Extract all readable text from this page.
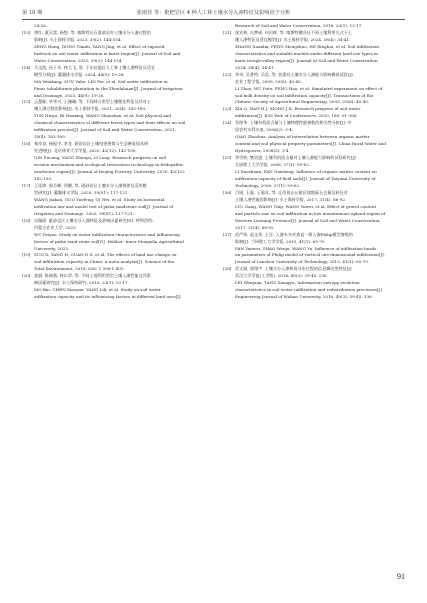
第 10 期	张雨佳 等：枇杷岩区 4 种人工林土壤水分入渗特征及影响因子分析
24-26.
[13] 唐红, 董天富, 杨想, 等. 喀斯特区石漠基岩对土壤水分入渗过程的
影响[J]. 水土保持学报, 2023, 39(2): 144-154.
ZENG Hong, DONG Tianfu, YANG Jing, et al. Effect of exposed
bedrock on soil water infiltration in karst region[J]. Journal of Soil and
Water Conservation, 2023, 39(2): 144-154.
[14] 马文凯, 孙子卉, 林大飞, 等. 于年拉地区人工林土壤入渗特征及适宜
模型分析[J]. 灌溉排水学报, 2024, 44(9): 19-26.
MA Wenkang, SUN Yuhe, LIN Fei, et al. Soil water infiltration in
Pinus tabuliformis plantation in the Zhenlahuan[J]. Journal of Irrigation
and Drainage, 2025, 44(9): 19-26.
[15] 云慧栋, 毕华兴, 王珊珊, 等. 不同林分类型土壤理化特征及其对土
壤入渗过程的影响[J]. 水土保持学报, 2021, 35(4): 183-189.
YUN Huiya, BI Huaxing, WANG Shanshan, et al. Soil physical and
chemical characteristics of different forest types and their effects on soil
infiltration process[J]. Journal of Soil and Water Conservation, 2021,
35(4): 183-189.
[16] 秦泉良, 杨振宇, 李龙. 砒砂岩区土壤侵蚀规律与生态修复技术研
究进展[J]. 北京林业大学学报, 2020, 42(12): 142-150.
QIN Fucang, YANG Zhenyu, LI Long. Research progress on soil
erosion mechanism and ecological restoration technology in feldspathic
sandstone region[J]. Journal of Beijing Forestry University, 2020, 42(12):
142-150.
[17] 王佳坤, 郭月峰, 祁腾, 等. 砒砂岩区土壤水分入渗规律及适用模
型研究[J]. 灌溉排水学报, 2020, 39(S1): 117-121.
WANG Jiakun, GUO Yuefeng, QI Wei, et al. Study on horizontal
infiltration law and model test of pisha sandstone soil[J]. Journal of
Irrigation and Drainage, 2020, 39(S1): 117-121.
[18] 吴佩瑶. 砒砂岩区土壤水分入渗特征及影响因素研究[D]. 呼和浩特:
内蒙古农业大学, 2023.
WU Peiyao. Study on water infiltration characteristics and influencing
factors of pisha sand stone soil[D]. Hohhot: Inner Mongolia Agricultural
University, 2023.
[19] SUN D, YANG H, GUAN D X, et al. The effects of land use change on
soil infiltration capacity in China: A meta-analysis[J]. Science of the
Total Environment, 2018, 626: 1 398-1 401.
[20] 莫斌, 陈晓燕, 林以翠, 等. 不同土地利用类型土壤入渗性能及其影
响因素研究[J]. 水土保持研究, 2016, 23(1): 13-17.
MO Bin, CHEN Xiaoyan, YANG Lili, et al. Study on soil water
infiltration capacity and its influencing factors in different land uses[J].
Research of Soil and Water Conservation, 2016, 23(1): 13-17.
[21] 张宣林, 冯梦硕, 何丙辉, 等. 喀斯特槽谷区不同土地利用方式下土
壤入渗特征及适宜模型[J]. 水土保持学报, 2024, 38(4): 34-41.
ZHANG Xuanlin, FENG Mengshuo, HE Binghui, et al. Soil infiltration
characteristics and suitable models under different land use types in
karst trough-valley region[J]. Journal of Soil and Water Conservation,
2024, 38(4): 34-41.
[22] 李卓, 吴普特, 冯浩, 等. 容重对土壤水分入渗能力影响模拟试验[J].
农业工程学报, 2009, 25(6): 40-45.
LI Zhuo, WU Pute, FENG Hao, et al. Simulated experiment on effect of
soil bulk density on soil infiltration capacity[J]. Transactions of the
Chinese Society of Agricultural Engineering, 2009, 25(6): 40-45.
[23] XIA Q, HAN H J, XIONG J K. Research progress of soil water
infiltration[J]. E3S Web of Conferences, 2020, 189: 01 006.
[24] 乔照华. 土壤有机质含量与土壤物理性能参数的相关性分析[J]. 中
国农村水利水电, 2008(2): 3-4.
QIAO Zhaohua. Analysis of interrelation between organic matter
content and soil physical property parameters[J]. China Rural Water and
Hydropower, 2008(2): 3-4.
[25] 李雪转, 樊贵盛. 土壤有机质含量对土壤入渗能力影响的试验研究[J].
太原理工大学学报, 2006, 37(1): 59-62.
LI Xuezhuan, FAN Guisheng. Influence of organic matter content on
infiltration capacity of field soils[J]. Journal of Taiyuan University of
Technology, 2006, 37(1): 59-62.
[26] 吕刚, 王磊, 王瑜凤, 等. 辽西低山丘陵区坡地砾石含量及粒径对
土壤入渗性能的影响[J]. 水土保持学报, 2017, 31(4): 86-92.
LYU Gang, WANG Ting, WANG Yuwei, et al. Effect of gravel content
and particle size on soil infiltration in low mountainous upland region of
Western Liaoning Province[J]. Journal of Soil and Water Conservation,
2017, 31(4): 86-92.
[27] 范严伟, 赵文举, 王昱. 入渗水头对垂直一维入渗Philip模型参数的
影响[J]. 兰州理工大学学报, 2015, 41(1): 65-70.
FAN Yanwei, ZHAO Wenju, WANG Yu. Influence of infiltration heads
on parameters of Philip model of vertical one-dimensional infiltration[J].
Journal of Lanzhou University of Technology, 2015, 41(1): 65-70.
[28] 雷文娟, 唐翔宇. 土壤水分入渗和再分布过程的信息熵动变特征[J].
武汉大学学报(工学版), 2016, 49(3): 39-45, 136.
LEI Wenjuan, TANG Xiangyu. Information entropy evolution
characteristics in soil water infiltration and redistribution processes[J].
Engineering Journal of Wuhan University, 2016, 49(3): 39-45, 136.
91
